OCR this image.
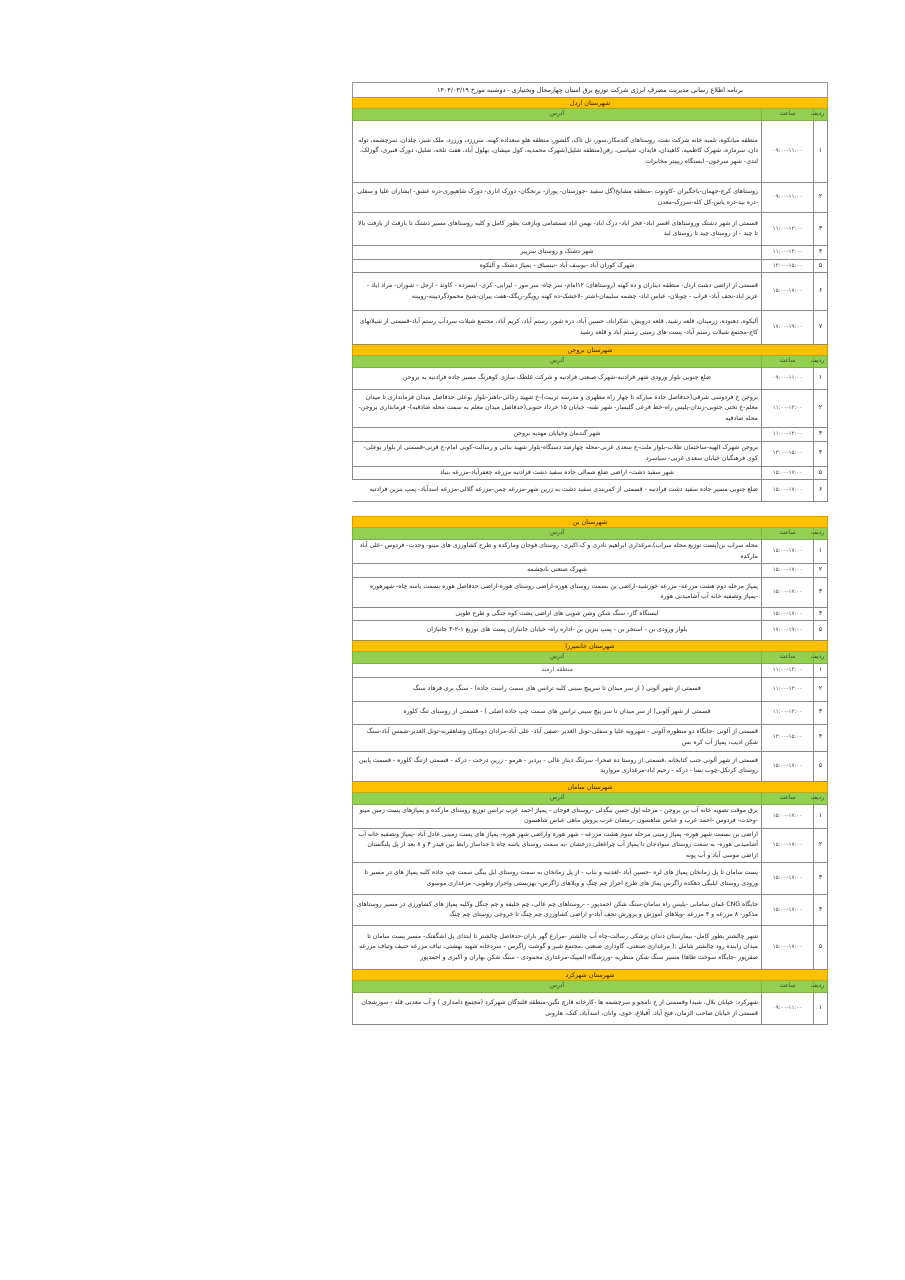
برنامه اطلاع رسانی مدیریت مصرف انرژی شرکت توزیع برق استان چهارمحال وبختیاری - دوشنبه مورخ ۱۴۰۴/۰۳/۱۹		
شهرستان اردل		
ردیف	ساعت	آدرس
۱	۰۹:۰۰-۱۱:۰۰	منطقه میانکوه، تلمبه خانه شرکت نفت، روستاهای گندمکار،سور، تل تاک، گلشور، منطقه هلو سعداده کهنه، سرززد، ورزرد، ملک شیر، چلدان، سرچشمه، توله دان، سرمازه، شهرک کاظمیه، کاهیدان، فایدان، شیاسی، رفن(منطقه شلیل(شهرک محمدیه، کول میشان، بهلول آباد، هفت تلخه، شلیل، دورک قنبری، گوزلک، لندی- شهر سرخون- ایستگاه ریپیتر مخابرات
۲	۰۹:۰۰-۱۱:۰۰	روستاهای کرج-جهمان-باجگیران -کاونوت -منطقه مشایخ(گل سفید -جوزستان- پوراز- برنجگان- دورک اناری- دورک شاهپوری-دره عشق- ابشاران علیا و سفلی -دره بید-دره یاس-کل کله-سرزک-معدن
۳	۱۱:۰۰-۱۳:۰۰	قسمتی از شهر دشتک وروستاهای افسر اباد- فخر اباد- دزک اباد- بهمن اباد صمصامی وبازفت بطور کامل و کلیه روستاهای مسیر دشتک تا بازفت از بازفت بالا تا چید - از روستای چید تا روستای لبد
۴	۱۱:۰۰-۱۳:۰۰	شهر دشتک و روستای سرپیر
۵	۱۳:۰۰-۱۵:۰۰	شهرک کوران آباد -یوسف آباد -تبسیاق - پمپاژ دشتک و آلیکوه
۶	۱۵:۰۰-۱۷:۰۰	قسمتی از اراضی دشت اردل- منطقه دیناران و ده کهنه (روستاهای: ۱۲امام- سر چاه- سر مور - لیرابی- کری- ایسرده - کاوند - ارجل - شوران- مراد اباد - عزیز اباد-نجف آباد- قراب - چوبلان- عباس اباد- چشمه سلیمان-اشتر -لاخشک-ده کهنه رویگر-ریگک-هفت پیران-شیخ محمودگردیینه-روبینه
۷	۱۷:۰۰-۱۹:۰۰	آلیکوه، دهنوده، زرمینان، قلعه رشید، قلعه درویش، شکراباد، حسین آباد، دره شور، رستم آباد، کریم آباد، مجتمع شیلات سردآب رستم آباد-قسمتی از شیلاتهای کاج-مجتمع شیلات رستم آباد- پست های زمینی رستم آباد و قلعه رشید
شهرستان بروجن		
ردیف	ساعت	آدرس
۱	۰۹:۰۰-۱۱:۰۰	ضلع جنوبی بلوار ورودی شهر فرادنبه-شهرک صنعتی فرادنبه و شرکت غلطک سازی کوهرنگ مسیر جاده فرادنبه به بروجن
۲	۱۱:۰۰-۱۳:۰۰	بروجن خ فردوسی شرقی(حدفاصل جاده مبارکه تا چهار راه مطهری و مدرسه تربیت)-خ شهید رجائی-باهنر-بلوار بوعلی حدفاصل میدان فرمانداری تا میدان معلم-خ تختی جنوبی-زندان-پلیس راه-خط فرعی گلبسار- شهر نقنه- خیابان ۱۵ خرداد جنوبی(حدفاصل میدان معلم به سمت محله صادقیه)- فرمانداری بروجن- محله صادقیه
۳	۱۱:۰۰-۱۳:۰۰	شهر گندمان وخیابان مهدیه بروجن
۴	۱۳:۰۰-۱۵:۰۰	بروجن شهرک الهیه-ساختمان طلاب-بلوار ملت-خ سعدی غربی-محله چهارصد دستگاه-بلوار شهید بنائی و رسالت-کوبی امام-خ قرنی-قسمتی از بلوار بوعلی- کوی فرهنگیان خیابان سعدی غربی- سیاسرد
۵	۱۵:۰۰-۱۷:۰۰	شهر سفید دشت- اراضی ضلع شمالی جاده سفید دشت فرادنبه مزرعه جعفرآباد-مزرعه بنیاد
۶	۱۵:۰۰-۱۷:۰۰	ضلع جنوبی مسیر جاده سفید دشت فرادنبه - قسمتی از کمربندی سفید دشت به زرین شهر-مزرعه چمن-مزرعه گلالی-مزرعه اسدآباد- پمپ بنزین فرادنبه

شهرستان بن		
ردیف	ساعت	آدرس
۱	۱۵:۰۰-۱۷:۰۰	محله سراب بن(پست توزیع محله سراب)،مرغداری ابراهیم نادری و ک.اکبری- روستای فوجان ومارکده و طرح کشاورزی های مینو- وحدت- فردوس -علی آباد مارکده
۲	۱۵:۰۰-۱۷:۰۰	شهرک صنعتی بانچشمه
۳	۱۵:۰۰-۱۷:۰۰	پمپاژ مرحله دوم هشت مزرعه- مزرعه خورشید-اراضی بن بسمت روستای هوره-اراضی روستای هوره-اراضی حدفاصل هوره بسمت یاسه چاه- شهرهوره -پمپاژ وتصفیه خانه آب آشامیدنی هوره
۴	۱۵:۰۰-۱۷:۰۰	ایستگاه گاز- سنگ شکن وشن شویی های اراضی پشت کوه جنگی و طرح طوبی
۵	۱۷:۰۰-۱۹:۰۰	بلوار ورودی بن - استخر بن - پمپ بنزین بن -اداره راه- خیابان جانبازان پست های توزیع ۱-۲-۳ جانبازان
شهرستان خانمیرزا		
ردیف	ساعت	آدرس
۱	۱۱:۰۰-۱۳:۰۰	منطقه ارمند
۲	۱۱:۰۰-۱۳:۰۰	قسمتی از شهر آلونی ( از سر میدان تا سرپیچ سینی کلیه ترانس های سمت راست جاده) - سنگ بری فرهاد سنگ
۳	۱۱:۰۰-۱۳:۰۰	قسمتی از شهر آلونی( از سر میدان تا سر پیچ سینی ترانس های سمت چپ جاده اصلی ) - قسمتی از روستای تنگ کلوره
۴	۱۳:۰۰-۱۵:۰۰	قسمتی از آلونی -جایگاه دو منظوره آلونی - شهرویه علیا و سفلی-تونل الغدیر -صفی آباد- علی آباد-مرادان دومکان وشاهقربه-تونل الغدیر-شمس آباد-سنگ شکن ادیب، پمپاژ آب کره بس
۵	۱۵:۰۰-۱۷:۰۰	قسمتی از شهر آلونی جنب کتابخانه ،قسمتی از روستا ده صحرا- سرتنگ دینار عالی - بردبر - هرمو - زرین درخت - درکه - قسمتی ازتنگ کلوره - قسمت پایین روستای کرتکل-چوب نسا - درکه - رحیم اباد-مرغداری مروارید
شهرستان سامان		
ردیف	ساعت	آدرس
۱	۱۵:۰۰-۱۷:۰۰	برق موقت تصویه خانه آب بن بروجن - مرحله اول حسن بیگدلی -روستای فوجان - پمپاژ احمد عرب ترانس توزیع روستای مارکده و پمپاژهای پست زمین مینو -وحدت- فردوس -احمد عرب و عباس شاهسون -رمضان عرب پروش ماهی عباس شاهسون
۲	۱۵:۰۰-۱۷:۰۰	اراضی بن بسمت شهر هوره- پمپاژ زمینی مرحله سوم هشت مزرعه - شهر هوره واراضی شهر هوره- پمپاژ های پست زمینی عادل آباد -پمپاژ وتصفیه خانه آب آشامیدنی هوره- به سمت روستای سوادجان تا پمپاژ آب چراغعلی درخشان -به سمت روستای یاسه چاه تا جداساز رابط بین فیدر ۴ و ۸ بعد از پل پلنگستان اراضی موسی آباد و آب پونه
۳	۱۵:۰۰-۱۷:۰۰	پست سامان تا پل زمانخان پمپاژ های لره -حسین آباد -لعدنبه و بناب - از پل زمانخان به سمت روستای ایل بیگی سمت چپ جاده کلیه پمپاژ های در مسیر تا ورودی روستای ایلبگی دهکده زاگرس پماژ های طرح احراز چم چنگ و ویلاهای زاگرس- بهزیستی واحراز وطوبی- مرغداری موسوی
۴	۱۵:۰۰-۱۷:۰۰	جایگاه CNG غمان سامانی -پلیس راه سامان-سنگ شکن احمدپور - -روستاهای چم عالی، چم خلیفه و چم جنگل وکلیه پمپاژ های کشاورزی در مسیر روستاهای مذکور- ۸ مزرعه و ۴ مزرعه -ویلاهای آموزش و پرورش نجف آباد-و اراضی کشاورزی چم چنگ تا خروجی روستای چم چنگ
۵	۱۵:۰۰-۱۷:۰۰	شهر چالشتر بطور کامل- بیمارستان دندان پزشکی رسالت-چاه آب چالشتر -مزارع گهر باران-حدفاصل چالشتر تا ابتدای پل اشگفتک- مسیر پست سامان تا میدان زاینده رود چالشتر شامل :( مرغداری صنعتی، گاوداری صنعتی ،مجتمع شیر و گوشت زاگرس - سردخانه شهید بهشتی، تیاف مزرعه حنیف وتیاف مزرعه صفرپور -جایگاه سوخت طاها) مسیر سنگ شکن منظریه -ورزشگاه المپیک-مرغداری محمودی - سنگ شکن بهاران و اکبری و احمدپور
شهرستان شهرکرد		
ردیف	ساعت	آدرس
۱	۰۹:۰۰-۱۱:۰۰	شهرکرد: خیابان بلال، شیدا وقسمتی از خ نامجو و سرچشمه ها -کارخانه قارچ نگین-منطقه قلندگان شهرکرد (مجتمع دامداری ) و آب معدنی قله - سورشجان قسمتی از خیابان صاحب الزمان، فتح آباد، آقبلاغ، خوی، وانان، اسدآباد، کنک، هارونی
